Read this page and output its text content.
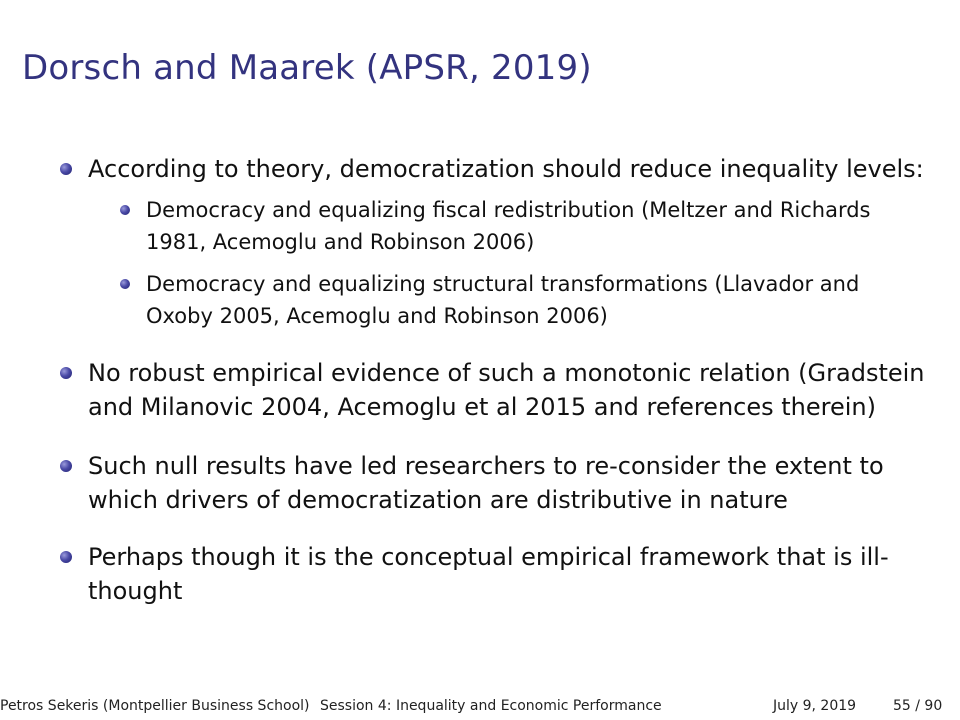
Dorsch and Maarek (APSR, 2019)

According to theory, democratization should reduce inequality levels:

Democracy and equalizing fiscal redistribution (Meltzer and Richards 1981, Acemoglu and Robinson 2006)

Democracy and equalizing structural transformations (Llavador and Oxoby 2005, Acemoglu and Robinson 2006)

No robust empirical evidence of such a monotonic relation (Gradstein and Milanovic 2004, Acemoglu et al 2015 and references therein)

Such null results have led researchers to re-consider the extent to which drivers of democratization are distributive in nature

Perhaps though it is the conceptual empirical framework that is ill-thought

Petros Sekeris (Montpellier Business School) Session 4: Inequality and Economic Performance	July 9, 2019	55 / 90
